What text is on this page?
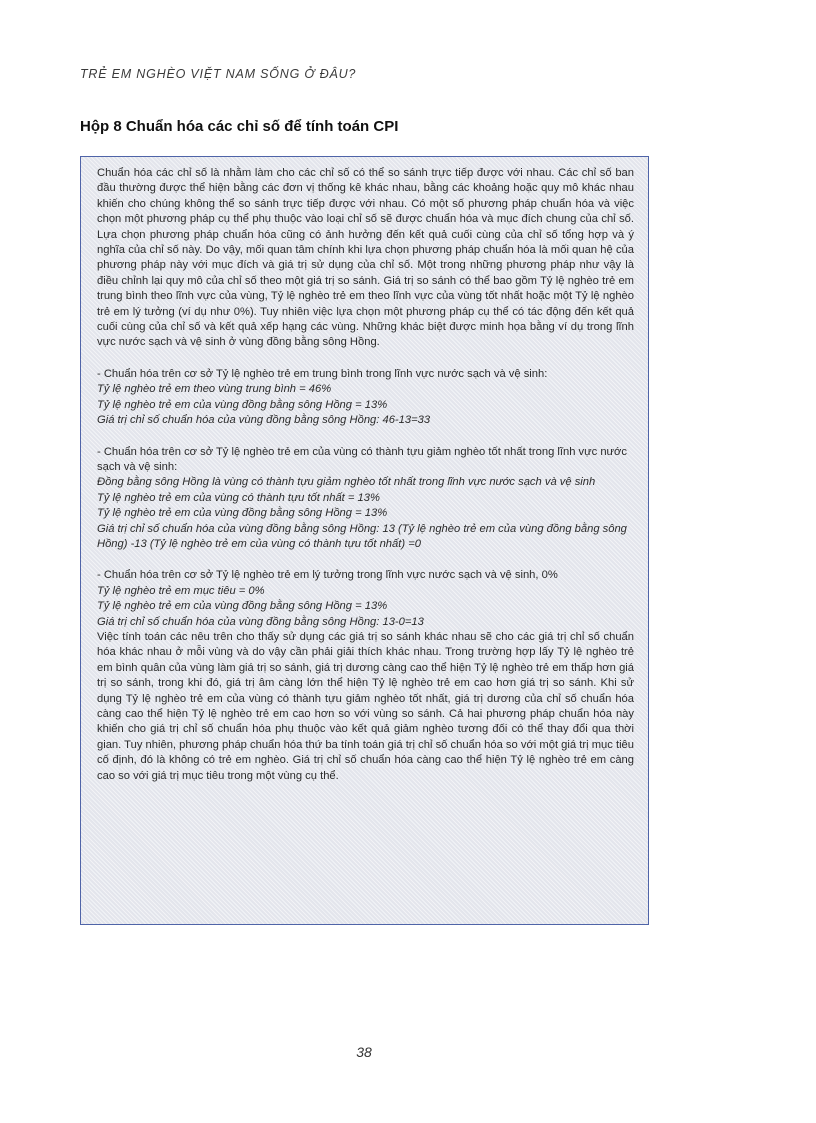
TRẺ EM NGHÈO VIỆT NAM SỐNG Ở ĐÂU?
Hộp 8 Chuẩn hóa các chỉ số để tính toán CPI

Chuẩn hóa các chỉ số là nhằm làm cho các chỉ số có thể so sánh trực tiếp được với nhau. Các chỉ số ban đầu thường được thể hiện bằng các đơn vị thống kê khác nhau, bằng các khoảng hoặc quy mô khác nhau khiến cho chúng không thể so sánh trực tiếp được với nhau. Có một số phương pháp chuẩn hóa và việc chọn một phương pháp cụ thể phụ thuộc vào loại chỉ số sẽ được chuẩn hóa và mục đích chung của chỉ số. Lựa chọn phương pháp chuẩn hóa cũng có ảnh hưởng đến kết quả cuối cùng của chỉ số tổng hợp và ý nghĩa của chỉ số này. Do vậy, mối quan tâm chính khi lựa chọn phương pháp chuẩn hóa là mối quan hệ của phương pháp này với mục đích và giá trị sử dụng của chỉ số. Một trong những phương pháp như vậy là điều chỉnh lại quy mô của chỉ số theo một giá trị so sánh. Giá trị so sánh có thể bao gồm Tỷ lệ nghèo trẻ em trung bình theo lĩnh vực của vùng, Tỷ lệ nghèo trẻ em theo lĩnh vực của vùng tốt nhất hoặc một Tỷ lệ nghèo trẻ em lý tưởng (ví dụ như 0%). Tuy nhiên việc lựa chọn một phương pháp cụ thể có tác động đến kết quả cuối cùng của chỉ số và kết quả xếp hạng các vùng. Những khác biệt được minh họa bằng ví dụ trong lĩnh vực nước sạch và vệ sinh ở vùng đồng bằng sông Hồng.

- Chuẩn hóa trên cơ sở Tỷ lệ nghèo trẻ em trung bình trong lĩnh vực nước sạch và vệ sinh:

Tỷ lệ nghèo trẻ em theo vùng trung bình = 46%

Tỷ lệ nghèo trẻ em của vùng đồng bằng sông Hồng = 13%

Giá trị chỉ số chuẩn hóa của vùng đồng bằng sông Hồng: 46-13=33

- Chuẩn hóa trên cơ sở Tỷ lệ nghèo trẻ em của vùng có thành tựu giảm nghèo tốt nhất trong lĩnh vực nước sạch và vệ sinh:

Đồng bằng sông Hồng là vùng có thành tựu giảm nghèo tốt nhất trong lĩnh vực nước sạch và vệ sinh

Tỷ lệ nghèo trẻ em của vùng có thành tựu tốt nhất = 13%

Tỷ lệ nghèo trẻ em của vùng đồng bằng sông Hồng = 13%

Giá trị chỉ số chuẩn hóa của vùng đồng bằng sông Hồng: 13 (Tỷ lệ nghèo trẻ em của vùng đồng bằng sông Hồng) -13 (Tỷ lệ nghèo trẻ em của vùng có thành tựu tốt nhất) =0

- Chuẩn hóa trên cơ sở Tỷ lệ nghèo trẻ em lý tưởng trong lĩnh vực nước sạch và vệ sinh, 0%

Tỷ lệ nghèo trẻ em mục tiêu = 0%

Tỷ lệ nghèo trẻ em của vùng đồng bằng sông Hồng = 13%

Giá trị chỉ số chuẩn hóa của vùng đồng bằng sông Hồng: 13-0=13

Việc tính toán các nêu trên cho thấy sử dụng các giá trị so sánh khác nhau sẽ cho các giá trị chỉ số chuẩn hóa khác nhau ở mỗi vùng và do vậy cần phải giải thích khác nhau. Trong trường hợp lấy Tỷ lệ nghèo trẻ em bình quân của vùng làm giá trị so sánh, giá trị dương càng cao thể hiện Tỷ lệ nghèo trẻ em thấp hơn giá trị so sánh, trong khi đó, giá trị âm càng lớn thể hiện Tỷ lệ nghèo trẻ em cao hơn giá trị so sánh. Khi sử dụng Tỷ lệ nghèo trẻ em của vùng có thành tựu giảm nghèo tốt nhất, giá trị dương của chỉ số chuẩn hóa càng cao thể hiện Tỷ lệ nghèo trẻ em cao hơn so với vùng so sánh. Cả hai phương pháp chuẩn hóa này khiến cho giá trị chỉ số chuẩn hóa phụ thuộc vào kết quả giảm nghèo tương đối có thể thay đổi qua thời gian. Tuy nhiên, phương pháp chuẩn hóa thứ ba tính toán giá trị chỉ số chuẩn hóa so với một giá trị mục tiêu cố định, đó là không có trẻ em nghèo. Giá trị chỉ số chuẩn hóa càng cao thể hiện Tỷ lệ nghèo trẻ em càng cao so với giá trị mục tiêu trong một vùng cụ thể.

38
